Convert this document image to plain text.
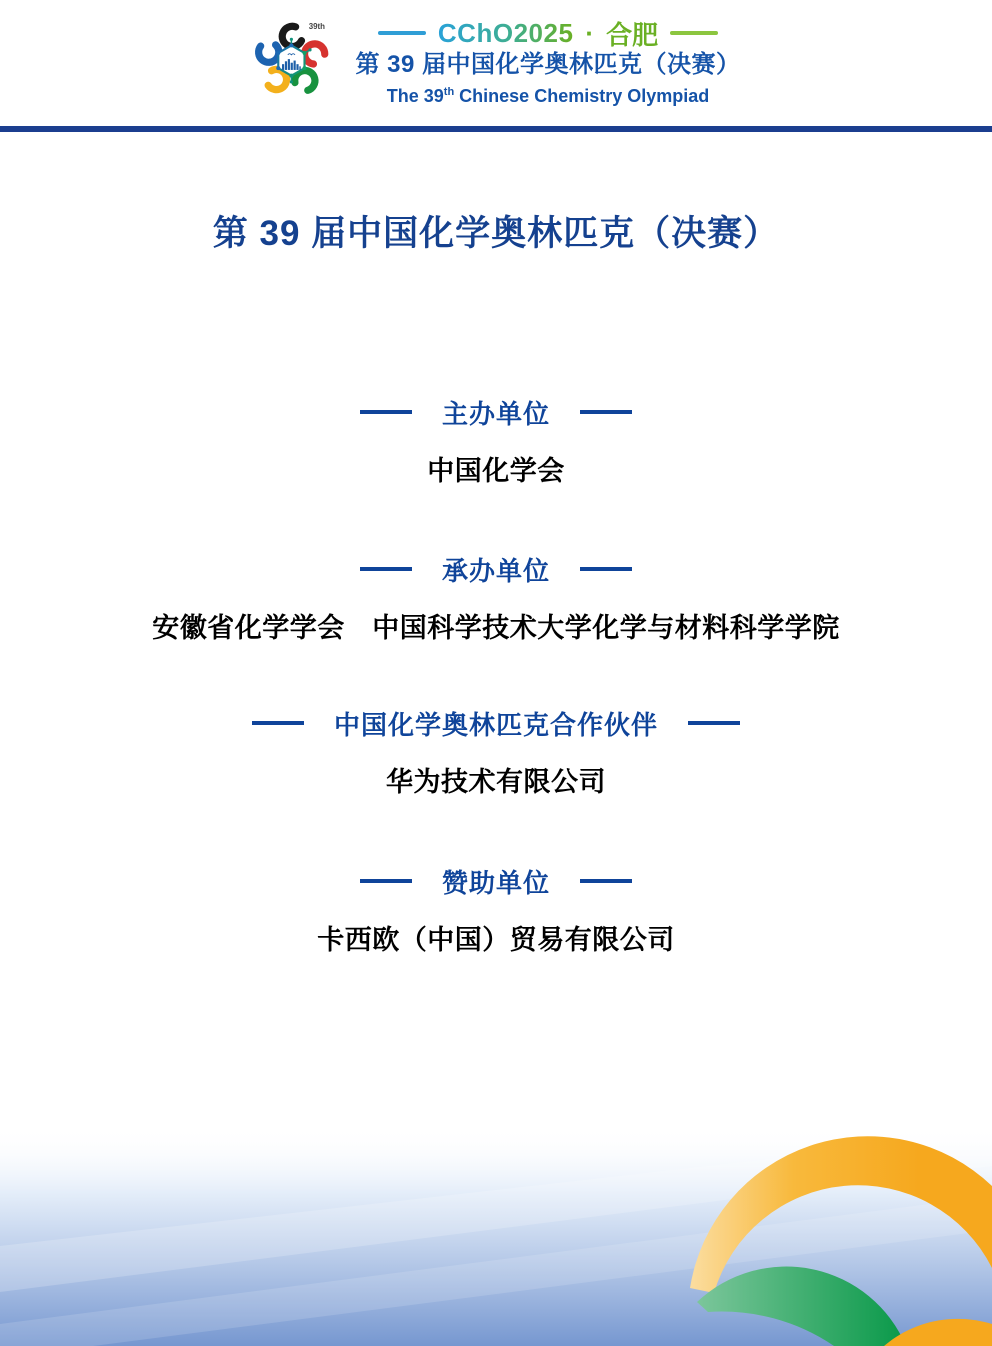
39th	CChO2025 · 合肥
第 39 届中国化学奥林匹克（决赛）
The 39th Chinese Chemistry Olympiad
第 39 届中国化学奥林匹克（决赛）
主办单位
中国化学会
承办单位
安徽省化学学会　中国科学技术大学化学与材料科学学院
中国化学奥林匹克合作伙伴
华为技术有限公司
赞助单位
卡西欧（中国）贸易有限公司
